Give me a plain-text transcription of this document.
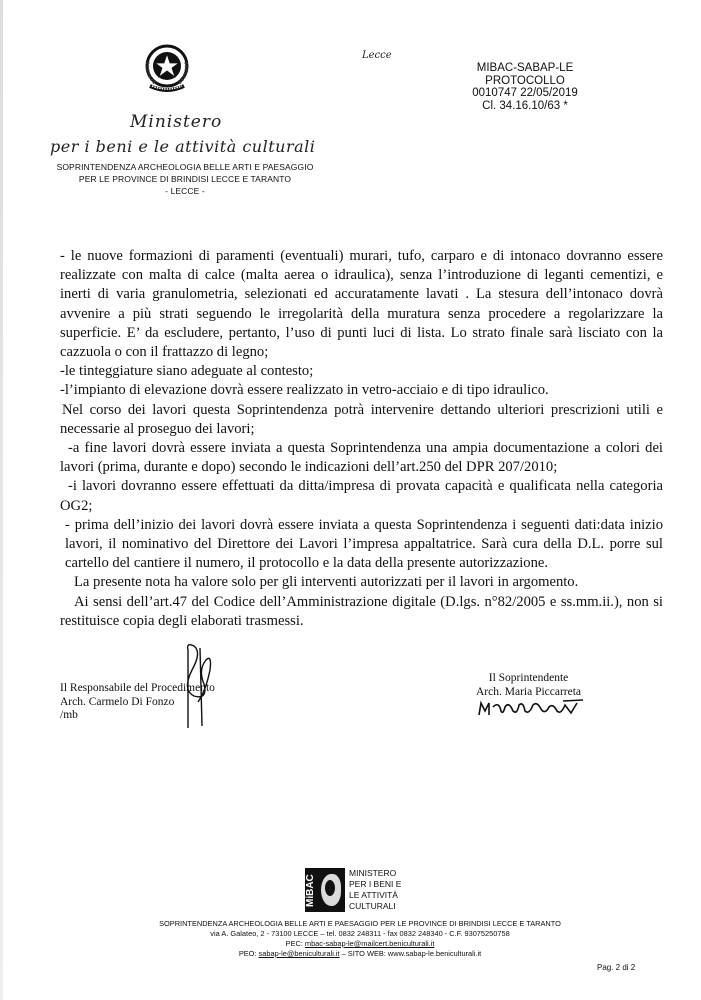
Ministero
per i beni e le attività culturali
SOPRINTENDENZA ARCHEOLOGIA BELLE ARTI E PAESAGGIO
PER LE PROVINCE DI BRINDISI LECCE E TARANTO
- LECCE -
Lecce
MIBAC-SABAP-LE
PROTOCOLLO
0010747 22/05/2019
Cl. 34.16.10/63 *

- le nuove formazioni di paramenti (eventuali) murari, tufo, carparo e di intonaco dovranno essere realizzate con malta di calce (malta aerea o idraulica), senza l’introduzione di leganti cementizi, e inerti di varia granulometria, selezionati ed accuratamente lavati . La stesura dell’intonaco dovrà avvenire a più strati seguendo le irregolarità della muratura senza procedere a regolarizzare la superficie. E’ da escludere, pertanto, l’uso di punti luci di lista. Lo strato finale sarà lisciato con la cazzuola o con il frattazzo di legno;

-le tinteggiature siano adeguate al contesto;

-l’impianto di elevazione dovrà essere realizzato in vetro-acciaio e di tipo idraulico.

Nel corso dei lavori questa Soprintendenza potrà intervenire dettando ulteriori prescrizioni utili e necessarie al proseguo dei lavori;

-a fine lavori dovrà essere inviata a questa Soprintendenza una ampia documentazione a colori dei lavori (prima, durante e dopo) secondo le indicazioni dell’art.250 del DPR 207/2010;

-i lavori dovranno essere effettuati da ditta/impresa di provata capacità e qualificata nella categoria OG2;

- prima dell’inizio dei lavori dovrà essere inviata a questa Soprintendenza i seguenti dati:data inizio lavori, il nominativo del Direttore dei Lavori l’impresa appaltatrice. Sarà cura della D.L. porre sul cartello del cantiere il numero, il protocollo e la data della presente autorizzazione.

La presente nota ha valore solo per gli interventi autorizzati per il lavori in argomento.

Ai sensi dell’art.47 del Codice dell’Amministrazione digitale (D.lgs. n°82/2005 e ss.mm.ii.), non si restituisce copia degli elaborati trasmessi.

Il Responsabile del Procedimento
Arch. Carmelo Di Fonzo
/mb
Il Soprintendente
Arch. Maria Piccarreta
MiBAC
MINISTERO
PER I BENI E
LE ATTIVITÀ
CULTURALI
SOPRINTENDENZA ARCHEOLOGIA BELLE ARTI E PAESAGGIO PER LE PROVINCE DI BRINDISI LECCE E TARANTO
via A. Galateo, 2 - 73100 LECCE – tel. 0832 248311 - fax 0832 248340 - C.F. 93075250758
PEC: mbac-sabap-le@mailcert.beniculturali.it
PEO: sabap-le@beniculturali.it – SITO WEB: www.sabap-le.beniculturali.it
Pag. 2 di 2
